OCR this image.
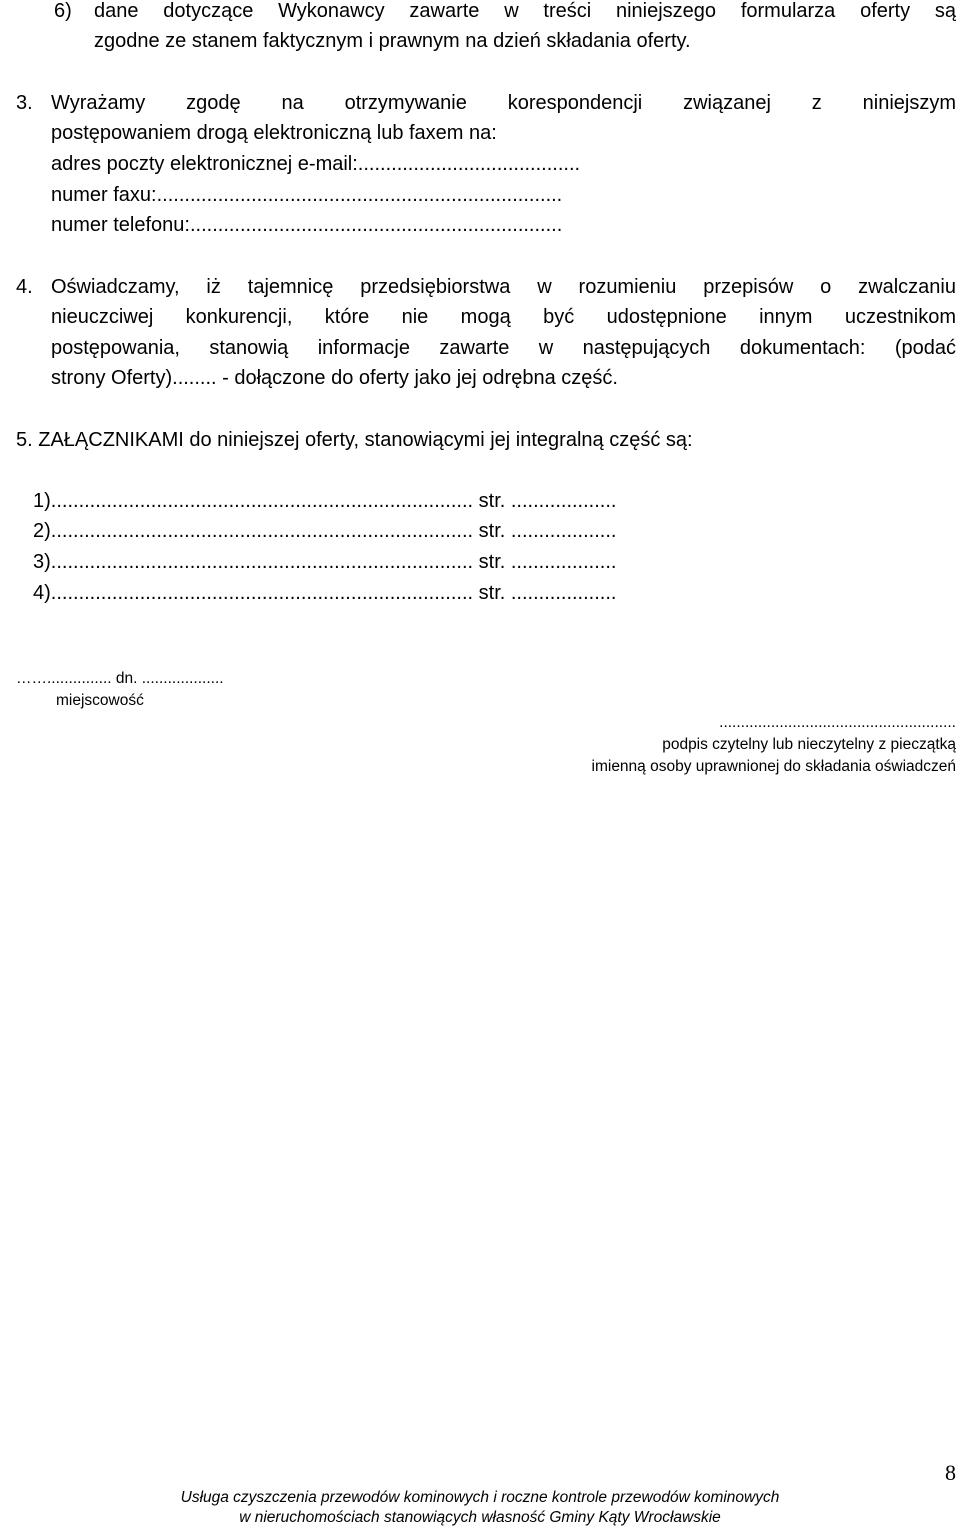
6) dane dotyczące Wykonawcy zawarte w treści niniejszego formularza oferty są
zgodne ze stanem faktycznym i prawnym na dzień składania oferty.
3. Wyrażamy zgodę na otrzymywanie korespondencji związanej z niniejszym
postępowaniem drogą elektroniczną lub faxem na:
adres poczty elektronicznej e-mail:........................................
numer faxu:.........................................................................
numer telefonu:...................................................................
4. Oświadczamy, iż tajemnicę przedsiębiorstwa w rozumieniu przepisów o zwalczaniu
nieuczciwej konkurencji, które nie mogą być udostępnione innym uczestnikom
postępowania, stanowią informacje zawarte w następujących dokumentach: (podać
strony Oferty)........ - dołączone do oferty jako jej odrębna część.
5. ZAŁĄCZNIKAMI do niniejszej oferty, stanowiącymi jej integralną część są:
1)............................................................................ str. ...................
2)............................................................................ str. ...................
3)............................................................................ str. ...................
4)............................................................................ str. ...................
……............... dn. ...................
miejscowość
.......................................................
podpis czytelny lub nieczytelny z pieczątką
imienną osoby uprawnionej do składania oświadczeń
8
Usługa czyszczenia przewodów kominowych i roczne kontrole przewodów kominowych
w nieruchomościach stanowiących własność Gminy Kąty Wrocławskie
